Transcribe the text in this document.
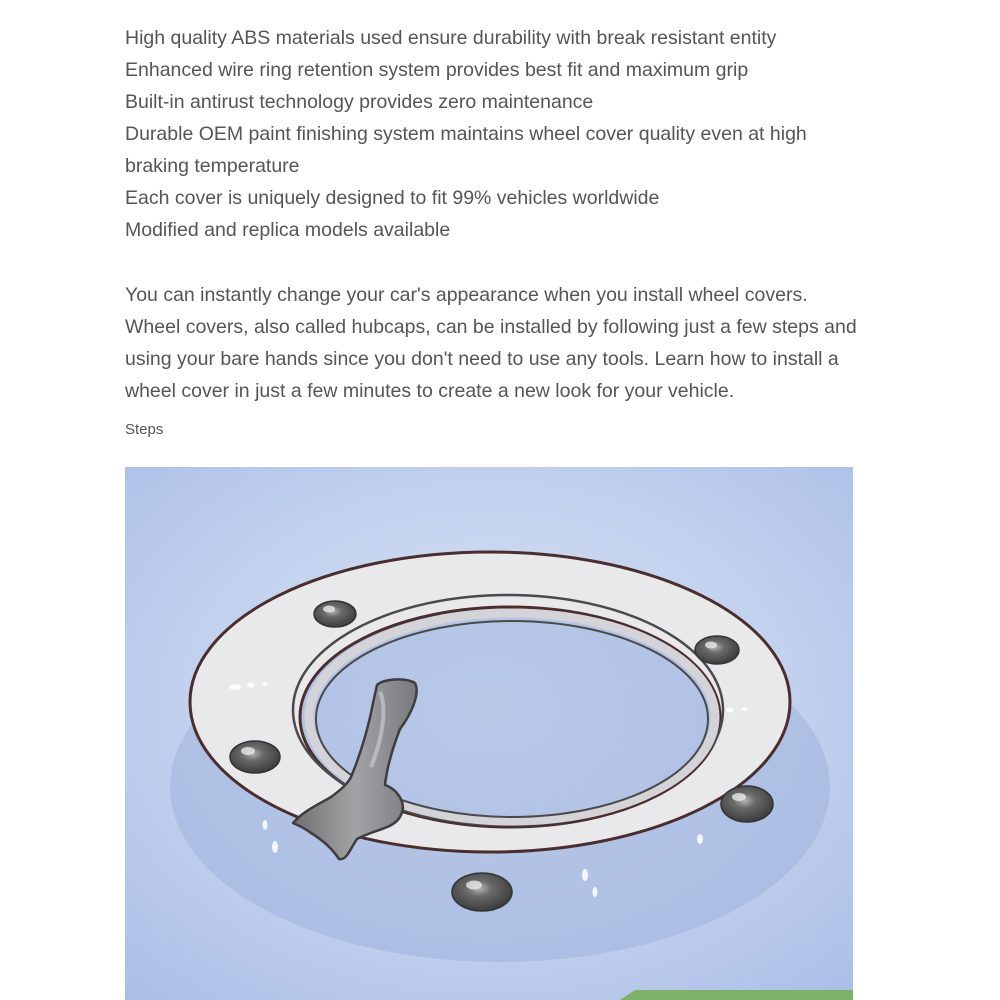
High quality ABS materials used ensure durability with break resistant entity
Enhanced wire ring retention system provides best fit and maximum grip
Built-in antirust technology provides zero maintenance
Durable OEM paint finishing system maintains wheel cover quality even at high braking temperature
Each cover is uniquely designed to fit 99% vehicles worldwide
Modified and replica models available

You can instantly change your car's appearance when you install wheel covers. Wheel covers, also called hubcaps, can be installed by following just a few steps and using your bare hands since you don't need to use any tools. Learn how to install a wheel cover in just a few minutes to create a new look for your vehicle.

Steps
